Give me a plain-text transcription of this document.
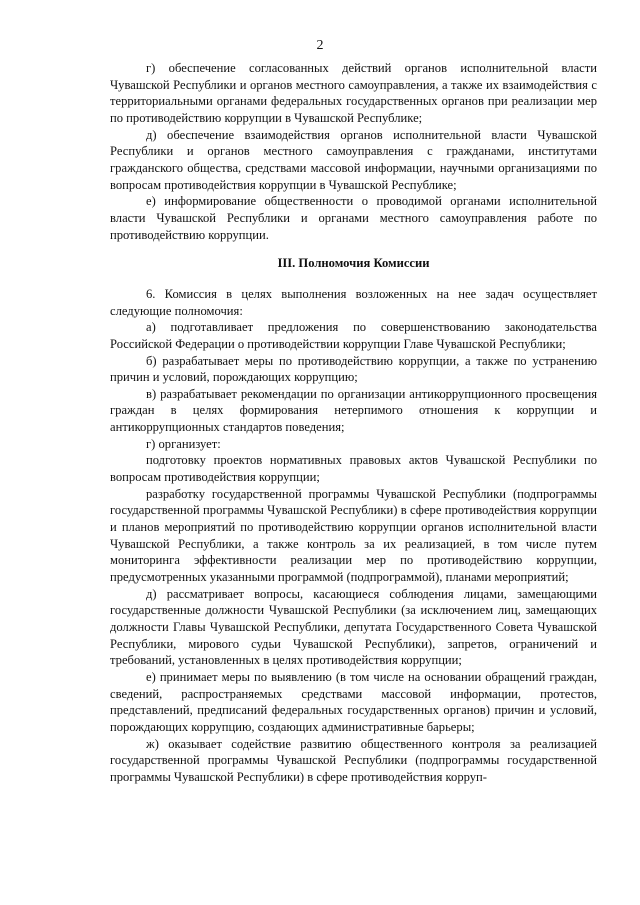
2

г) обеспечение согласованных действий органов исполнительной власти Чувашской Республики и органов местного самоуправления, а также их взаимодействия с территориальными органами федеральных государственных органов при реализации мер по противодействию коррупции в Чувашской Республике;

д) обеспечение взаимодействия органов исполнительной власти Чувашской Республики и органов местного самоуправления с гражданами, институтами гражданского общества, средствами массовой информации, научными организациями по вопросам противодействия коррупции в Чувашской Республике;

е) информирование общественности о проводимой органами исполнительной власти Чувашской Республики и органами местного самоуправления работе по противодействию коррупции.

III. Полномочия Комиссии

6. Комиссия в целях выполнения возложенных на нее задач осуществляет следующие полномочия:

а) подготавливает предложения по совершенствованию законодательства Российской Федерации о противодействии коррупции Главе Чувашской Республики;

б) разрабатывает меры по противодействию коррупции, а также по устранению причин и условий, порождающих коррупцию;

в) разрабатывает рекомендации по организации антикоррупционного просвещения граждан в целях формирования нетерпимого отношения к коррупции и антикоррупционных стандартов поведения;

г) организует:

подготовку проектов нормативных правовых актов Чувашской Республики по вопросам противодействия коррупции;

разработку государственной программы Чувашской Республики (подпрограммы государственной программы Чувашской Республики) в сфере противодействия коррупции и планов мероприятий по противодействию коррупции органов исполнительной власти Чувашской Республики, а также контроль за их реализацией, в том числе путем мониторинга эффективности реализации мер по противодействию коррупции, предусмотренных указанными программой (подпрограммой), планами мероприятий;

д) рассматривает вопросы, касающиеся соблюдения лицами, замещающими государственные должности Чувашской Республики (за исключением лиц, замещающих должности Главы Чувашской Республики, депутата Государственного Совета Чувашской Республики, мирового судьи Чувашской Республики), запретов, ограничений и требований, установленных в целях противодействия коррупции;

е) принимает меры по выявлению (в том числе на основании обращений граждан, сведений, распространяемых средствами массовой информации, протестов, представлений, предписаний федеральных государственных органов) причин и условий, порождающих коррупцию, создающих административные барьеры;

ж) оказывает содействие развитию общественного контроля за реализацией государственной программы Чувашской Республики (подпрограммы государственной программы Чувашской Республики) в сфере противодействия корруп-
